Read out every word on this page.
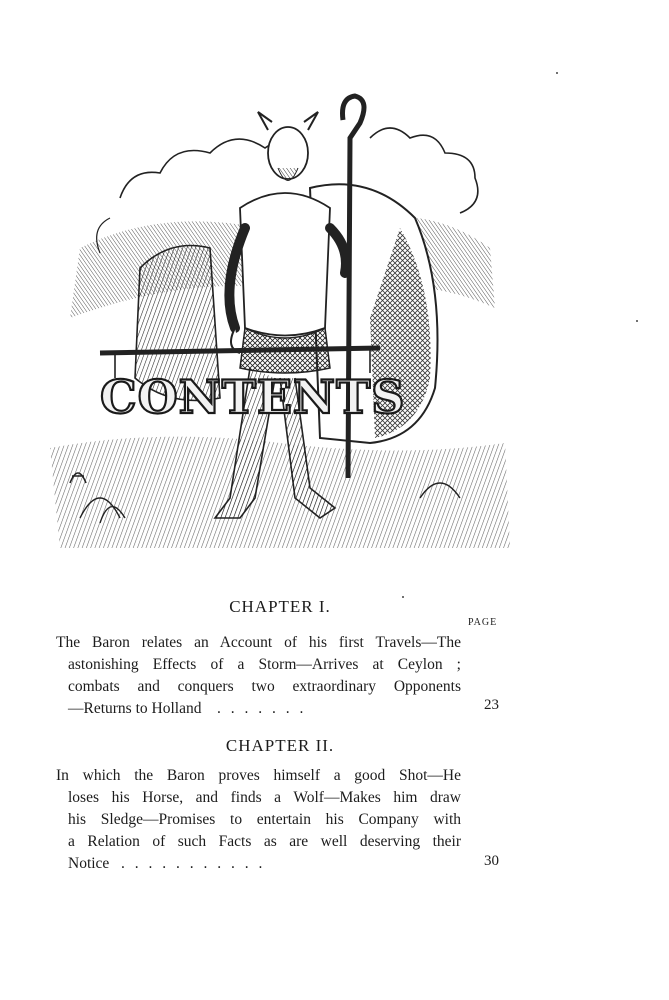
CONTENTS
CHAPTER I.
PAGE
The Baron relates an Account of his first Travels—The
astonishing Effects of a Storm—Arrives at Ceylon ;
combats and conquers two extraordinary Opponents
—Returns to Holland . . . . . . .	23
CHAPTER II.
In which the Baron proves himself a good Shot—He
loses his Horse, and finds a Wolf—Makes him draw
his Sledge—Promises to entertain his Company with
a Relation of such Facts as are well deserving their
Notice . . . . . . . . . . .	30
